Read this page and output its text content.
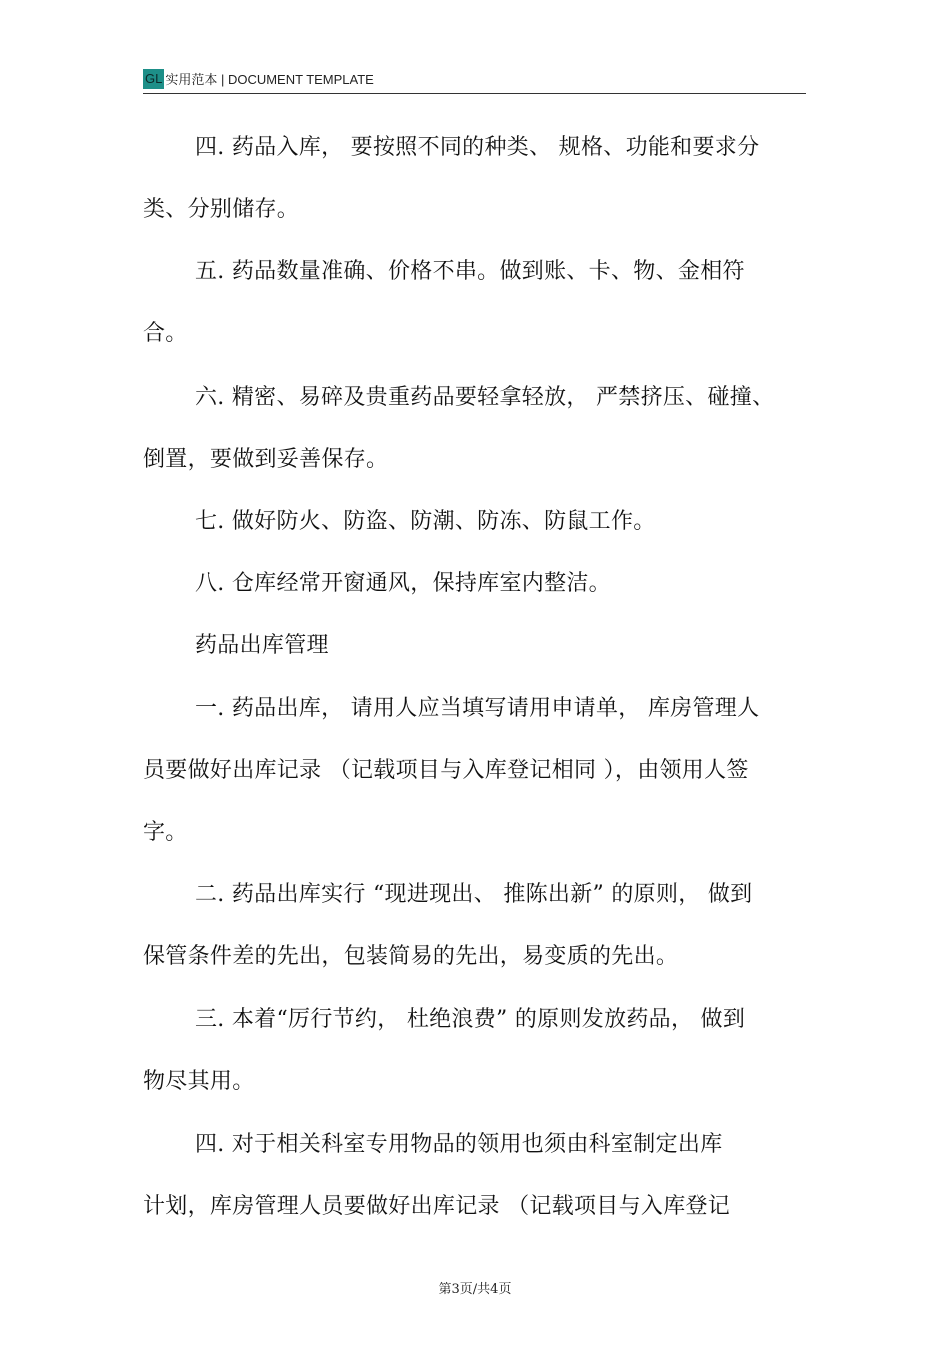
GL 实用范本 | DOCUMENT TEMPLATE
四. 药品入库， 要按照不同的种类、 规格、功能和要求分
类、分别储存。
五. 药品数量准确、价格不串。做到账、卡、物、金相符
合。
六. 精密、易碎及贵重药品要轻拿轻放， 严禁挤压、碰撞、
倒置，要做到妥善保存。
七. 做好防火、防盗、防潮、防冻、防鼠工作。
八. 仓库经常开窗通风，保持库室内整洁。
药品出库管理
一. 药品出库， 请用人应当填写请用申请单， 库房管理人
员要做好出库记录 （记载项目与入库登记相同 ），由领用人签
字。
二. 药品出库实行 “现进现出、 推陈出新” 的原则， 做到
保管条件差的先出，包装简易的先出，易变质的先出。
三. 本着“厉行节约， 杜绝浪费” 的原则发放药品， 做到
物尽其用。
四. 对于相关科室专用物品的领用也须由科室制定出库
计划，库房管理人员要做好出库记录 （记载项目与入库登记
第3页/共4页
